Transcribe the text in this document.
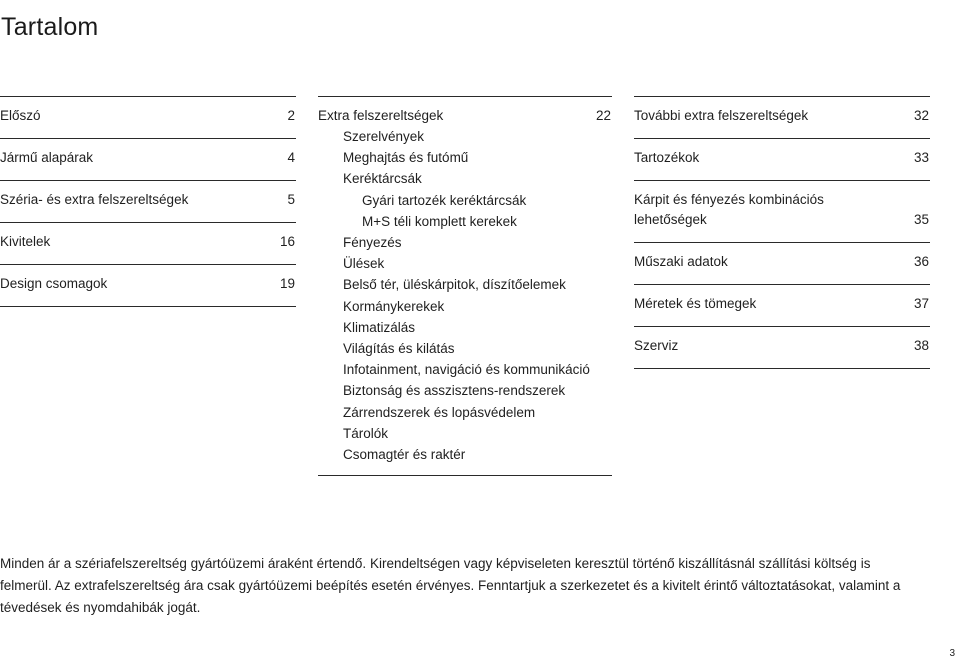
Tartalom
Előszó	2
Jármű alapárak	4
Széria- és extra felszereltségek	5
Kivitelek	16
Design csomagok	19
Extra felszereltségek	22
Szerelvények
Meghajtás és futómű
Keréktárcsák
Gyári tartozék keréktárcsák
M+S téli komplett kerekek
Fényezés
Ülések
Belső tér, üléskárpitok, díszítőelemek
Kormánykerekek
Klimatizálás
Világítás és kilátás
Infotainment, navigáció és kommunikáció
Biztonság és asszisztens-rendszerek
Zárrendszerek és lopásvédelem
Tárolók
Csomagtér és raktér
További extra felszereltségek	32
Tartozékok	33
Kárpit és fényezés kombinációs lehetőségek	35
Műszaki adatok	36
Méretek és tömegek	37
Szerviz	38

Minden ár a szériafelszereltség gyártóüzemi áraként értendő. Kirendeltségen vagy képviseleten keresztül történő kiszállításnál szállítási költség is felmerül. Az extrafelszereltség ára csak gyártóüzemi beépítés esetén érvényes. Fenntartjuk a szerkezetet és a kivitelt érintő változtatásokat, valamint a tévedések és nyomdahibák jogát.

3
